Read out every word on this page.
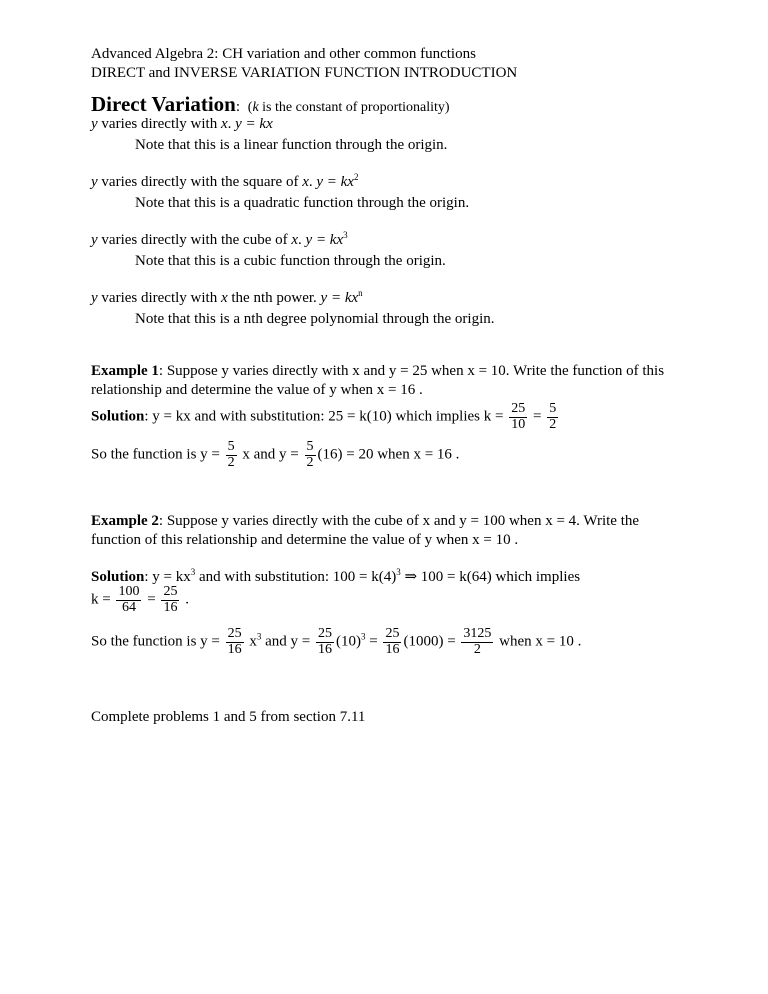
Advanced Algebra 2: CH variation and other common functions
DIRECT and INVERSE VARIATION FUNCTION INTRODUCTION
Direct Variation: (k is the constant of proportionality)
y varies directly with x. y = kx
Note that this is a linear function through the origin.
y varies directly with the square of x. $y = kx^2$
Note that this is a quadratic function through the origin.
y varies directly with the cube of x. $y = kx^3$
Note that this is a cubic function through the origin.
y varies directly with x the nth power. $y = kx^n$
Note that this is a nth degree polynomial through the origin.
Example 1: Suppose y varies directly with x and y = 25 when x = 10. Write the function of this
relationship and determine the value of y when x = 16 .
Solution: y = kx and with substitution: 25 = k(10) which implies $k = \frac{25}{10} = \frac{5}{2}$
So the function is $y = \frac{5}{2}$ x and $y = \frac{5}{2} (16) = 20$ when x = 16 .
Example 2: Suppose y varies directly with the cube of x and y = 100 when x = 4. Write the
function of this relationship and determine the value of y when x = 10 .
Solution: $y = kx^3$ and with substitution: $100 = k(4)^3$ ⇒ 100 = k(64) which implies
$k = \frac{100}{64} = \frac{25}{16}$ .
So the function is $y = \frac{25}{16} x^3$ and $y = \frac{25}{16} (10)^3 = \frac{25}{16} (1000) = \frac{3125}{2}$ when x = 10 .
Complete problems 1 and 5 from section 7.11
